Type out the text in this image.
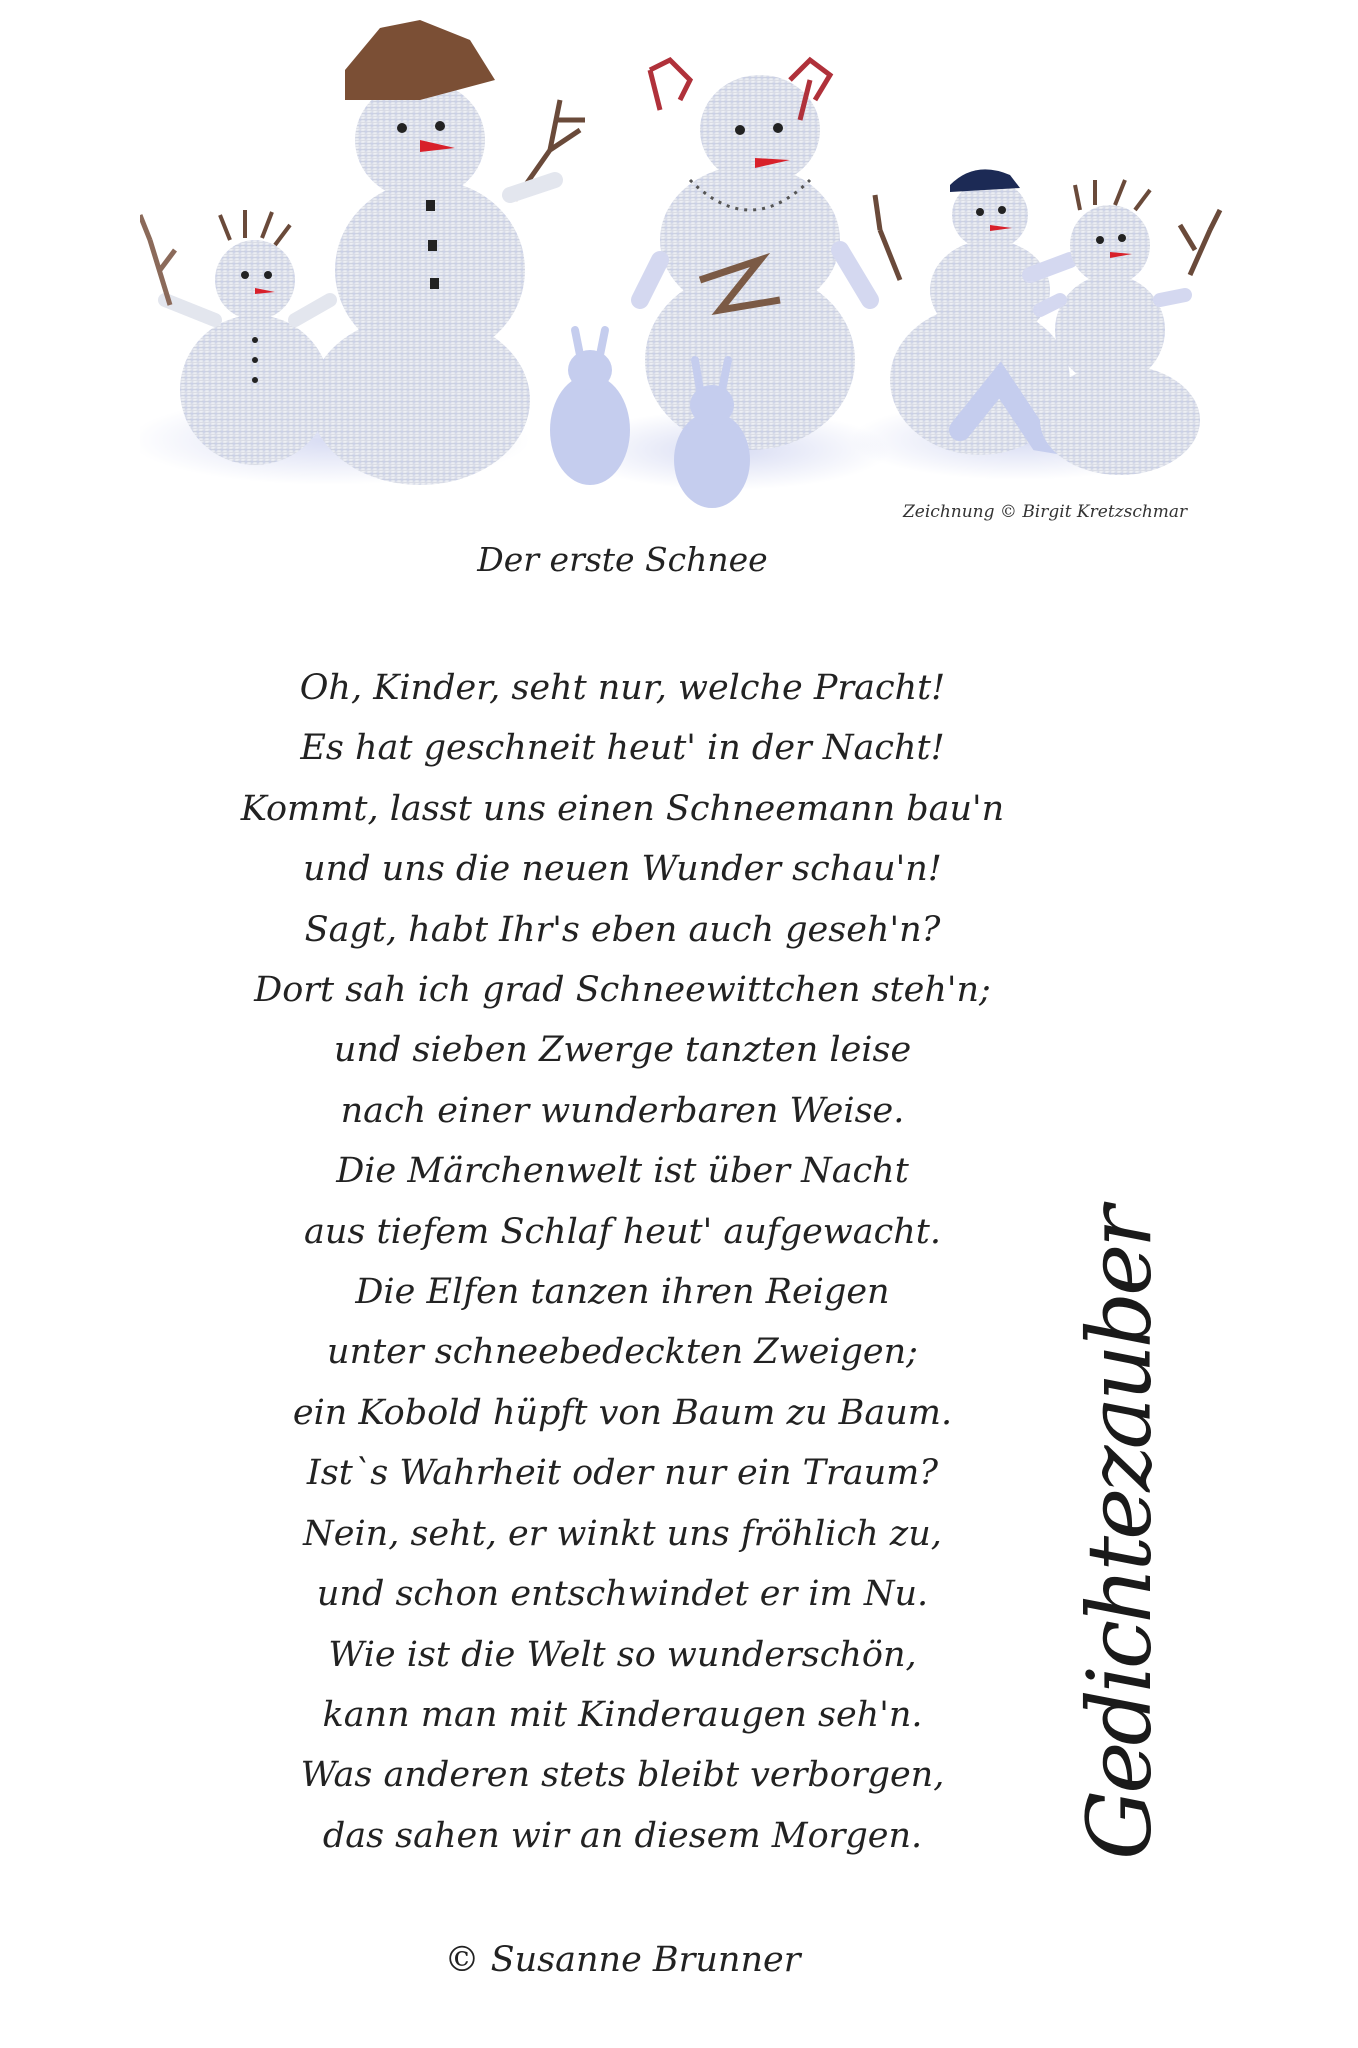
Zeichnung © Birgit Kretzschmar
Der erste Schnee
Oh, Kinder, seht nur, welche Pracht!
Es hat geschneit heut' in der Nacht!
Kommt, lasst uns einen Schneemann bau'n
und uns die neuen Wunder schau'n!
Sagt, habt Ihr's eben auch geseh'n?
Dort sah ich grad Schneewittchen steh'n;
und sieben Zwerge tanzten leise
nach einer wunderbaren Weise.
Die Märchenwelt ist über Nacht
aus tiefem Schlaf heut' aufgewacht.
Die Elfen tanzen ihren Reigen
unter schneebedeckten Zweigen;
ein Kobold hüpft von Baum zu Baum.
Ist`s Wahrheit oder nur ein Traum?
Nein, seht, er winkt uns fröhlich zu,
und schon entschwindet er im Nu.
Wie ist die Welt so wunderschön,
kann man mit Kinderaugen seh'n.
Was anderen stets bleibt verborgen,
das sahen wir an diesem Morgen.
© Susanne Brunner
Gedichtezauber
